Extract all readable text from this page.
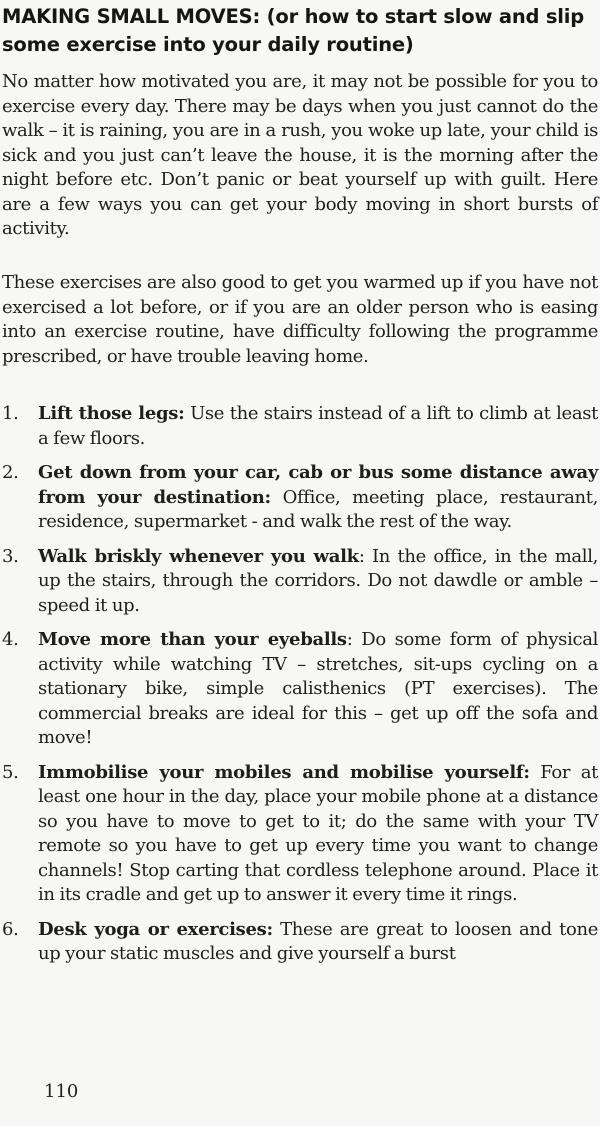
MAKING SMALL MOVES: (or how to start slow and slip some exercise into your daily routine)

No matter how motivated you are, it may not be possible for you to exercise every day. There may be days when you just cannot do the walk – it is raining, you are in a rush, you woke up late, your child is sick and you just can’t leave the house, it is the morning after the night before etc. Don’t panic or beat yourself up with guilt. Here are a few ways you can get your body moving in short bursts of activity.

These exercises are also good to get you warmed up if you have not exercised a lot before, or if you are an older person who is easing into an exercise routine, have difficulty following the programme prescribed, or have trouble leaving home.

1.	Lift those legs: Use the stairs instead of a lift to climb at least a few floors.
2.	Get down from your car, cab or bus some distance away from your destination: Office, meeting place, restaurant, residence, supermarket - and walk the rest of the way.
3.	Walk briskly whenever you walk: In the office, in the mall, up the stairs, through the corridors. Do not dawdle or amble – speed it up.
4.	Move more than your eyeballs: Do some form of physical activity while watching TV – stretches, sit-ups cycling on a stationary bike, simple calisthenics (PT exercises). The commercial breaks are ideal for this – get up off the sofa and move!
5.	Immobilise your mobiles and mobilise yourself: For at least one hour in the day, place your mobile phone at a distance so you have to move to get to it; do the same with your TV remote so you have to get up every time you want to change channels! Stop carting that cordless telephone around. Place it in its cradle and get up to answer it every time it rings.
6.	Desk yoga or exercises: These are great to loosen and tone up your static muscles and give yourself a burst
110
